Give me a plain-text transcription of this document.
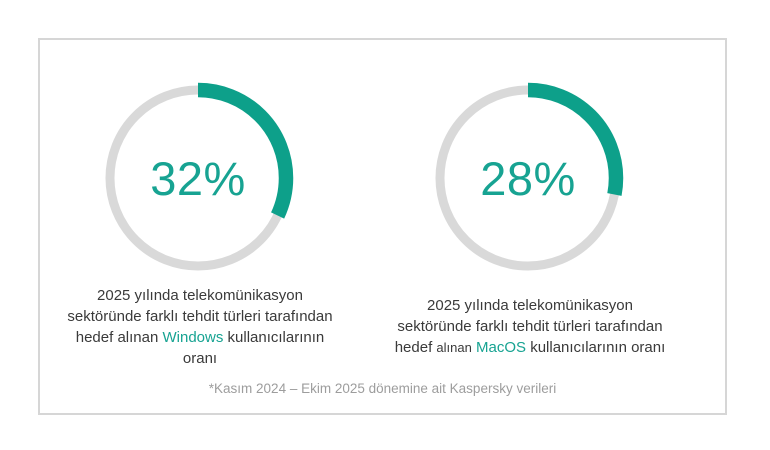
32%	28%
2025 yılında telekomünikasyon
sektöründe farklı tehdit türleri tarafından
hedef alınan Windows kullanıcılarının
oranı
2025 yılında telekomünikasyon
sektöründe farklı tehdit türleri tarafından
hedef alınan MacOS kullanıcılarının oranı
*Kasım 2024 – Ekim 2025 dönemine ait Kaspersky verileri
